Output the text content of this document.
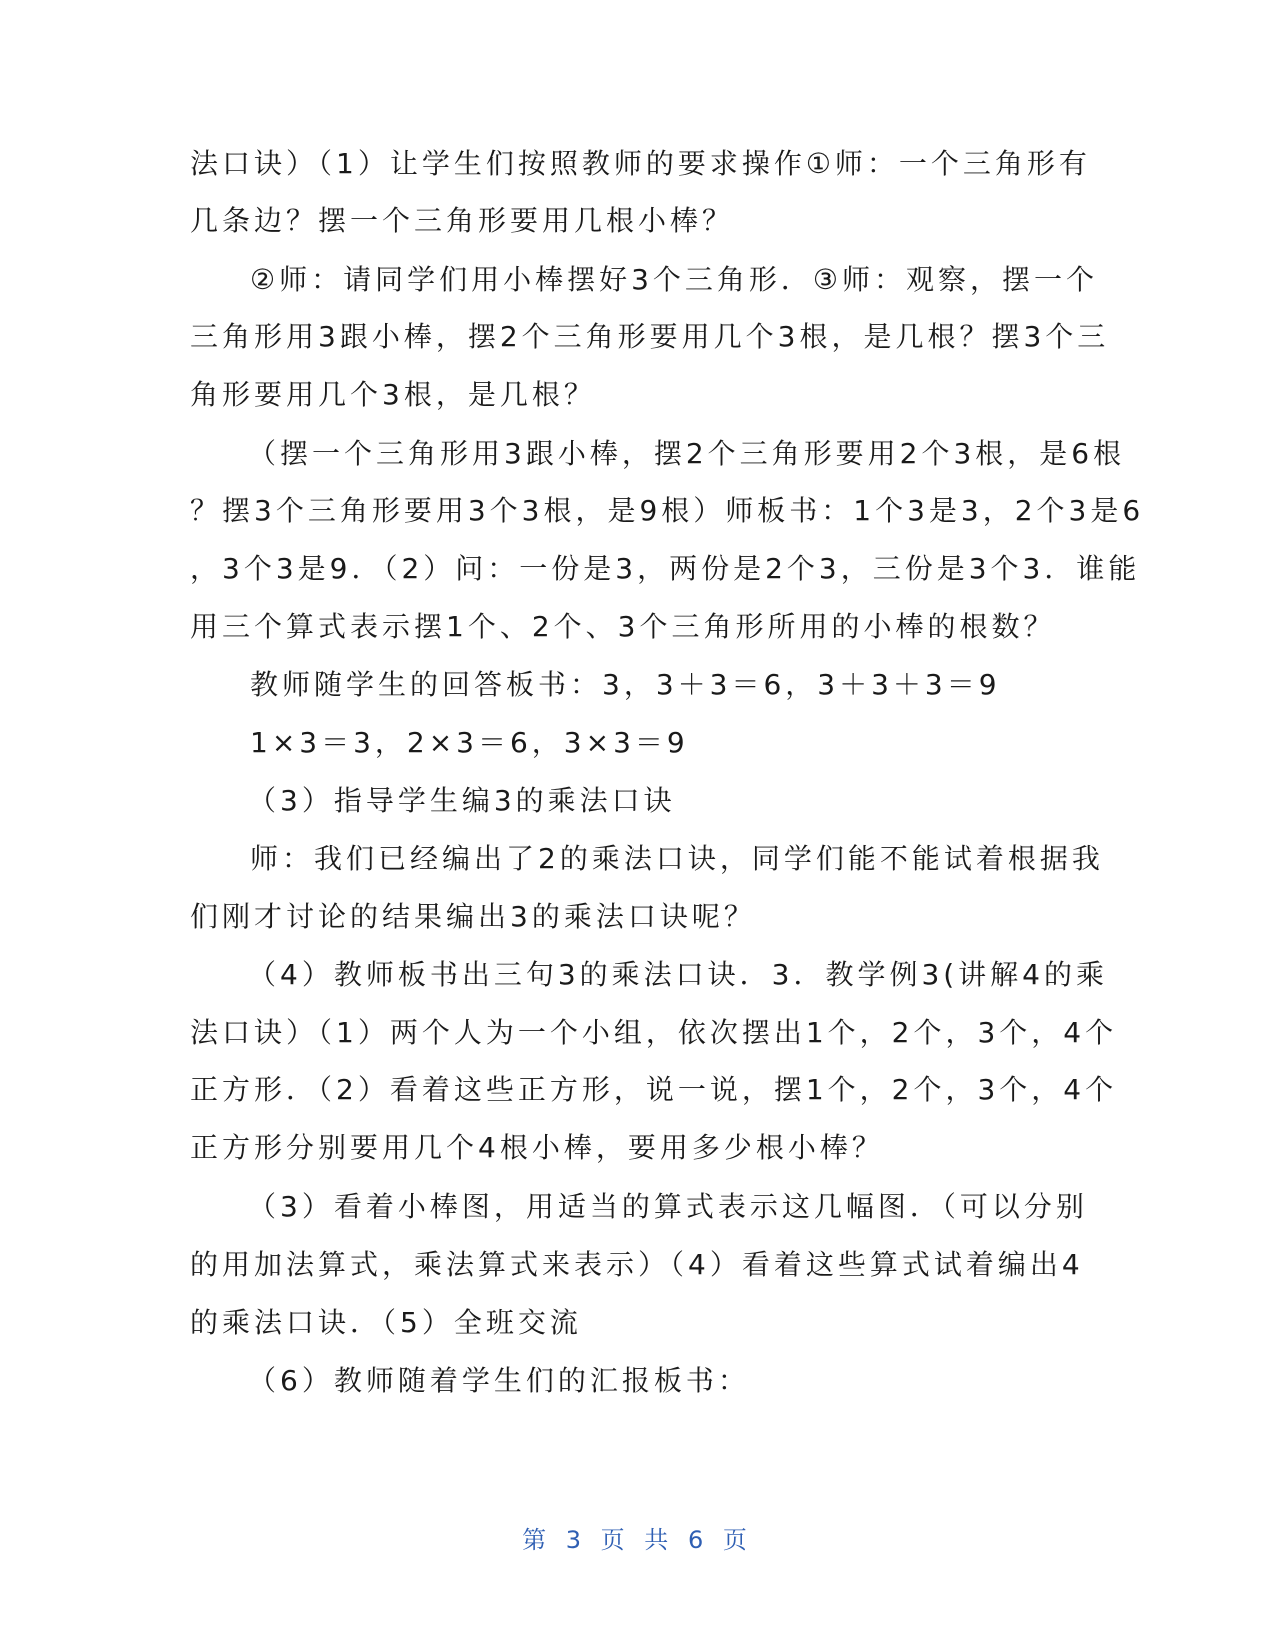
法口诀）（1）让学生们按照教师的要求操作①师：一个三角形有
几条边？摆一个三角形要用几根小棒？
②师：请同学们用小棒摆好3个三角形．③师：观察，摆一个
三角形用3跟小棒，摆2个三角形要用几个3根，是几根？摆3个三
角形要用几个3根，是几根？
（摆一个三角形用3跟小棒，摆2个三角形要用2个3根，是6根
？摆3个三角形要用3个3根，是9根）师板书：1个3是3，2个3是6
，3个3是9．（2）问：一份是3，两份是2个3，三份是3个3．谁能
用三个算式表示摆1个、2个、3个三角形所用的小棒的根数？
教师随学生的回答板书：3，3＋3＝6，3＋3＋3＝9
1×3＝3，2×3＝6，3×3＝9
（3）指导学生编3的乘法口诀
师：我们已经编出了2的乘法口诀，同学们能不能试着根据我
们刚才讨论的结果编出3的乘法口诀呢？
（4）教师板书出三句3的乘法口诀．3．教学例3(讲解4的乘
法口诀）（1）两个人为一个小组，依次摆出1个，2个，3个，4个
正方形．（2）看着这些正方形，说一说，摆1个，2个，3个，4个
正方形分别要用几个4根小棒，要用多少根小棒？
（3）看着小棒图，用适当的算式表示这几幅图．（可以分别
的用加法算式，乘法算式来表示）（4）看着这些算式试着编出4
的乘法口诀．（5）全班交流
（6）教师随着学生们的汇报板书：
第 3 页 共 6 页
